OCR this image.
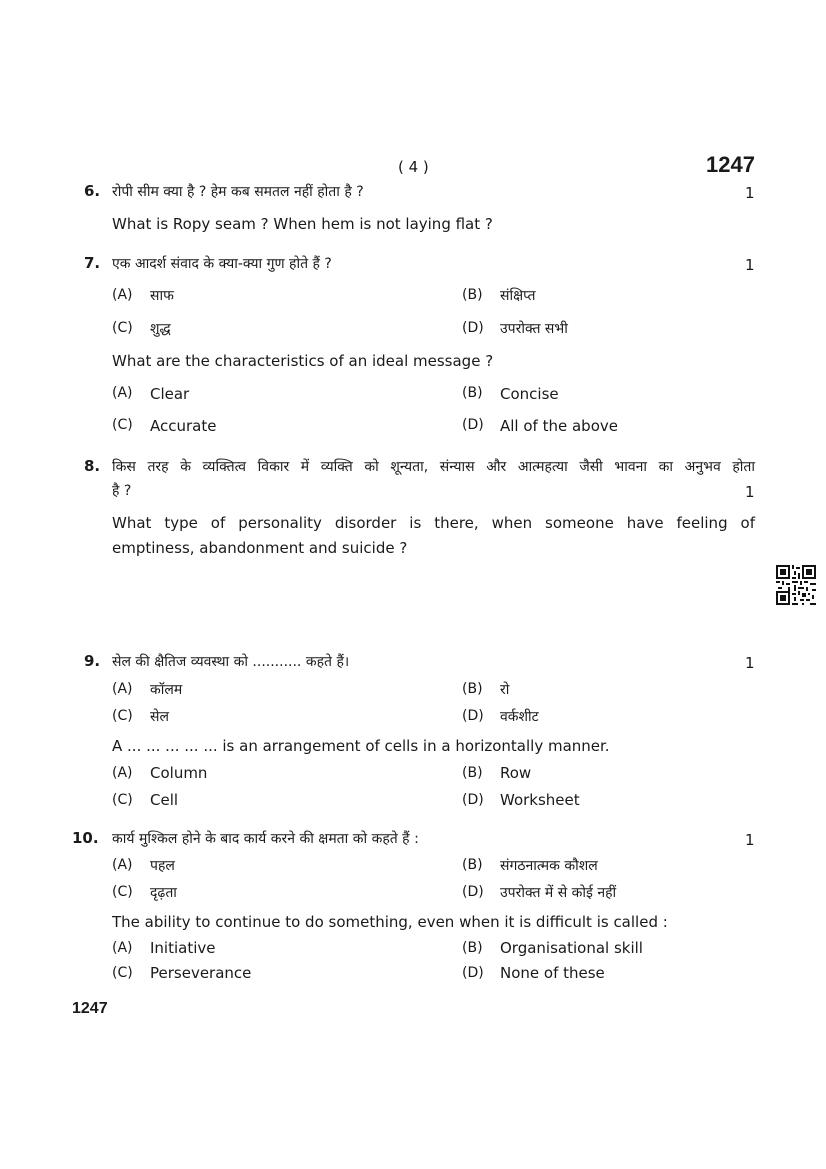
( 4 )	1247
6. रोपी सीम क्या है ? हेम कब समतल नहीं होता है ?	1
What is Ropy seam ? When hem is not laying flat ?
7. एक आदर्श संवाद के क्या-क्या गुण होते हैं ?	1
(A) साफ	(B) संक्षिप्त
(C) शुद्ध	(D) उपरोक्त सभी
What are the characteristics of an ideal message ?
(A) Clear	(B) Concise
(C) Accurate	(D) All of the above
8. किस तरह के व्यक्तित्व विकार में व्यक्ति को शून्यता, संन्यास और आत्महत्या जैसी भावना का अनुभव होता
है ?	1
What type of personality disorder is there, when someone have feeling of
emptiness, abandonment and suicide ?
9. सेल की क्षैतिज व्यवस्था को ........... कहते हैं।	1
(A) कॉलम	(B) रो
(C) सेल	(D) वर्कशीट
A ... ... ... ... ... is an arrangement of cells in a horizontally manner.
(A) Column	(B) Row
(C) Cell	(D) Worksheet
10. कार्य मुश्किल होने के बाद कार्य करने की क्षमता को कहते हैं :	1
(A) पहल	(B) संगठनात्मक कौशल
(C) दृढ़ता	(D) उपरोक्त में से कोई नहीं
The ability to continue to do something, even when it is difficult is called :
(A) Initiative	(B) Organisational skill
(C) Perseverance	(D) None of these
1247
